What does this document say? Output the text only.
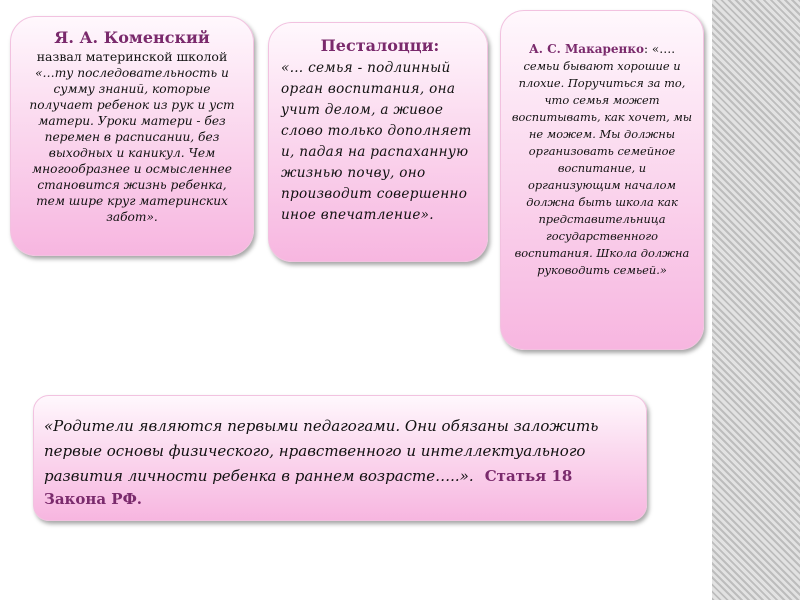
Я. А. Коменский
назвал материнской школой
«…ту последовательность и сумму знаний, которые получает ребенок из рук и уст матери. Уроки матери - без перемен в расписании, без выходных и каникул. Чем многообразнее и осмысленнее становится жизнь ребенка, тем шире круг материнских забот».
Песталоцци:
«… семья - подлинный орган воспитания, она учит делом, а живое слово только дополняет и, падая на распаханную жизнью почву, оно производит совершенно иное впечатление».
А. С. Макаренко: «….
семьи бывают хорошие и плохие. Поручиться за то, что семья может воспитывать, как хочет, мы не можем. Мы должны организовать семейное воспитание, и организующим началом должна быть школа как представительница государственного воспитания. Школа должна руководить семьей.»
«Родители являются первыми педагогами. Они обязаны заложить первые основы физического, нравственного и интеллектуального развития личности ребенка в раннем возрасте…..». Статья 18 Закона РФ.
